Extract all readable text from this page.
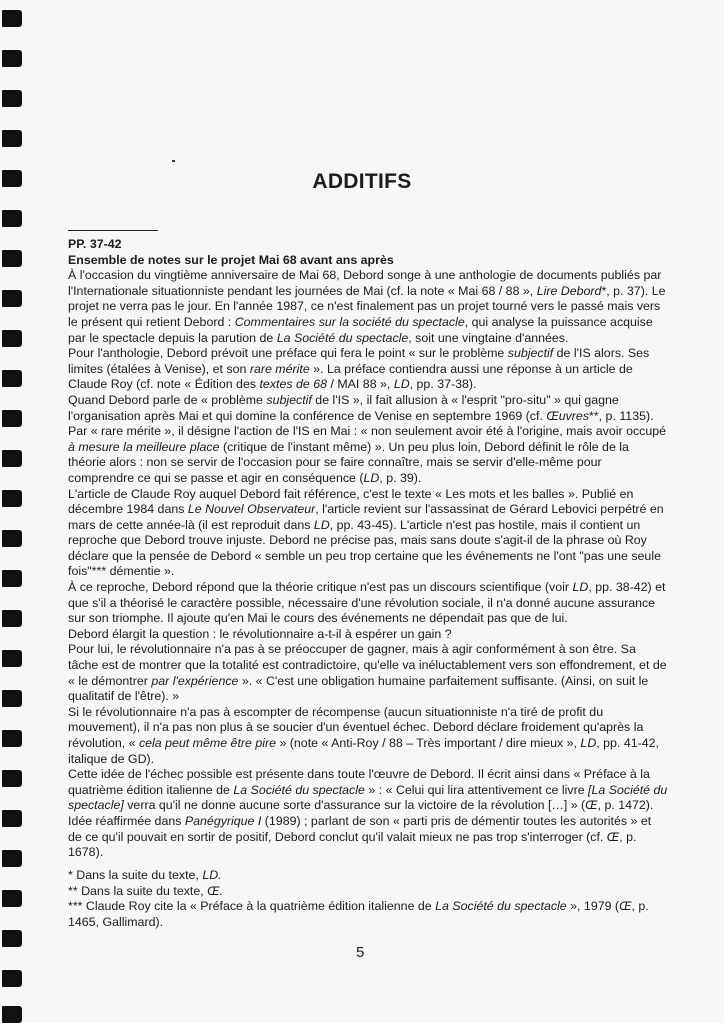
ADDITIFS

PP. 37-42

Ensemble de notes sur le projet Mai 68 avant ans après

À l'occasion du vingtième anniversaire de Mai 68, Debord songe à une anthologie de documents publiés par l'Internationale situationniste pendant les journées de Mai (cf. la note « Mai 68 / 88 », Lire Debord*, p. 37). Le projet ne verra pas le jour. En l'année 1987, ce n'est finalement pas un projet tourné vers le passé mais vers le présent qui retient Debord : Commentaires sur la société du spectacle, qui analyse la puissance acquise par le spectacle depuis la parution de La Société du spectacle, soit une vingtaine d'années.

Pour l'anthologie, Debord prévoit une préface qui fera le point « sur le problème subjectif de l'IS alors. Ses limites (étalées à Venise), et son rare mérite ». La préface contiendra aussi une réponse à un article de Claude Roy (cf. note « Édition des textes de 68 / MAI 88 », LD, pp. 37-38).

Quand Debord parle de « problème subjectif de l'IS », il fait allusion à « l'esprit "pro-situ" » qui gagne l'organisation après Mai et qui domine la conférence de Venise en septembre 1969 (cf. Œuvres**, p. 1135). Par « rare mérite », il désigne l'action de l'IS en Mai : « non seulement avoir été à l'origine, mais avoir occupé à mesure la meilleure place (critique de l'instant même) ». Un peu plus loin, Debord définit le rôle de la théorie alors : non se servir de l'occasion pour se faire connaître, mais se servir d'elle-même pour comprendre ce qui se passe et agir en conséquence (LD, p. 39).

L'article de Claude Roy auquel Debord fait référence, c'est le texte « Les mots et les balles ». Publié en décembre 1984 dans Le Nouvel Observateur, l'article revient sur l'assassinat de Gérard Lebovici perpétré en mars de cette année-là (il est reproduit dans LD, pp. 43-45). L'article n'est pas hostile, mais il contient un reproche que Debord trouve injuste. Debord ne précise pas, mais sans doute s'agit-il de la phrase où Roy déclare que la pensée de Debord « semble un peu trop certaine que les événements ne l'ont "pas une seule fois"*** démentie ».

À ce reproche, Debord répond que la théorie critique n'est pas un discours scientifique (voir LD, pp. 38-42) et que s'il a théorisé le caractère possible, nécessaire d'une révolution sociale, il n'a donné aucune assurance sur son triomphe. Il ajoute qu'en Mai le cours des événements ne dépendait pas que de lui.

Debord élargit la question : le révolutionnaire a-t-il à espérer un gain ?

Pour lui, le révolutionnaire n'a pas à se préoccuper de gagner, mais à agir conformément à son être. Sa tâche est de montrer que la totalité est contradictoire, qu'elle va inéluctablement vers son effondrement, et de « le démontrer par l'expérience ». « C'est une obligation humaine parfaitement suffisante. (Ainsi, on suit le qualitatif de l'être). »

Si le révolutionnaire n'a pas à escompter de récompense (aucun situationniste n'a tiré de profit du mouvement), il n'a pas non plus à se soucier d'un éventuel échec. Debord déclare froidement qu'après la révolution, « cela peut même être pire » (note « Anti-Roy / 88 – Très important / dire mieux », LD, pp. 41-42, italique de GD).

Cette idée de l'échec possible est présente dans toute l'œuvre de Debord. Il écrit ainsi dans « Préface à la quatrième édition italienne de La Société du spectacle » : « Celui qui lira attentivement ce livre [La Société du spectacle] verra qu'il ne donne aucune sorte d'assurance sur la victoire de la révolution […] » (Œ, p. 1472). Idée réaffirmée dans Panégyrique I (1989) ; parlant de son « parti pris de démentir toutes les autorités » et de ce qu'il pouvait en sortir de positif, Debord conclut qu'il valait mieux ne pas trop s'interroger (cf. Œ, p. 1678).

* Dans la suite du texte, LD.

** Dans la suite du texte, Œ.

*** Claude Roy cite la « Préface à la quatrième édition italienne de La Société du spectacle », 1979 (Œ, p. 1465, Gallimard).

5
